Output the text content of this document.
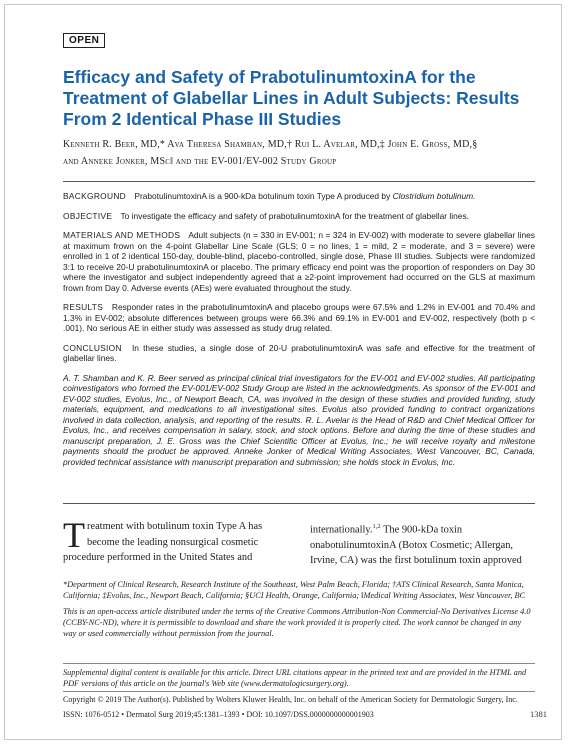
OPEN
Efficacy and Safety of PrabotulinumtoxinA for the Treatment of Glabellar Lines in Adult Subjects: Results From 2 Identical Phase III Studies
Kenneth R. Beer, MD,* Ava Theresa Shamban, MD,† Rui L. Avelar, MD,‡ John E. Gross, MD,§
and Anneke Jonker, MSc‖ and the EV-001/EV-002 Study Group

BACKGROUND PrabotulinumtoxinA is a 900-kDa botulinum toxin Type A produced by Clostridium botulinum.

OBJECTIVE To investigate the efficacy and safety of prabotulinumtoxinA for the treatment of glabellar lines.

MATERIALS AND METHODS Adult subjects (n = 330 in EV-001; n = 324 in EV-002) with moderate to severe glabellar lines at maximum frown on the 4-point Glabellar Line Scale (GLS; 0 = no lines, 1 = mild, 2 = moderate, and 3 = severe) were enrolled in 1 of 2 identical 150-day, double-blind, placebo-controlled, single dose, Phase III studies. Subjects were randomized 3:1 to receive 20-U prabotulinumtoxinA or placebo. The primary efficacy end point was the proportion of responders on Day 30 where the investigator and subject independently agreed that a ≥2-point improvement had occurred on the GLS at maximum frown from Day 0. Adverse events (AEs) were evaluated throughout the study.

RESULTS Responder rates in the prabotulinumtoxinA and placebo groups were 67.5% and 1.2% in EV-001 and 70.4% and 1.3% in EV-002; absolute differences between groups were 66.3% and 69.1% in EV-001 and EV-002, respectively (both p < .001). No serious AE in either study was assessed as study drug related.

CONCLUSION In these studies, a single dose of 20-U prabotulinumtoxinA was safe and effective for the treatment of glabellar lines.

A. T. Shamban and K. R. Beer served as principal clinical trial investigators for the EV-001 and EV-002 studies. All participating coinvestigators who formed the EV-001/EV-002 Study Group are listed in the acknowledgments. As sponsor of the EV-001 and EV-002 studies, Evolus, Inc., of Newport Beach, CA, was involved in the design of these studies and provided funding, study materials, equipment, and medications to all investigational sites. Evolus also provided funding to contract organizations involved in data collection, analysis, and reporting of the results. R. L. Avelar is the Head of R&D and Chief Medical Officer for Evolus, Inc., and receives compensation in salary, stock, and stock options. Before and during the time of these studies and manuscript preparation, J. E. Gross was the Chief Scientific Officer at Evolus, Inc.; he will receive royalty and milestone payments should the product be approved. Anneke Jonker of Medical Writing Associates, West Vancouver, BC, Canada, provided technical assistance with manuscript preparation and submission; she holds stock in Evolus, Inc.

Treatment with botulinum toxin Type A has become the leading nonsurgical cosmetic procedure performed in the United States and
internationally.$^{1,2}$ The 900-kDa toxin onabotulinumtoxinA (Botox Cosmetic; Allergan, Irvine, CA) was the first botulinum toxin approved

*Department of Clinical Research, Research Institute of the Southeast, West Palm Beach, Florida; †ATS Clinical Research, Santa Monica, California; ‡Evolus, Inc., Newport Beach, California; §UCI Health, Orange, California; ‖Medical Writing Associates, West Vancouver, BC

This is an open-access article distributed under the terms of the Creative Commons Attribution-Non Commercial-No Derivatives License 4.0 (CCBY-NC-ND), where it is permissible to download and share the work provided it is properly cited. The work cannot be changed in any way or used commercially without permission from the journal.

Supplemental digital content is available for this article. Direct URL citations appear in the printed text and are provided in the HTML and PDF versions of this article on the journal's Web site (www.dermatologicsurgery.org).

Copyright © 2019 The Author(s). Published by Wolters Kluwer Health, Inc. on behalf of the American Society for Dermatologic Surgery, Inc.

ISSN: 1076-0512 • Dermatol Surg 2019;45:1381–1393 • DOI: 10.1097/DSS.0000000000001903	1381
